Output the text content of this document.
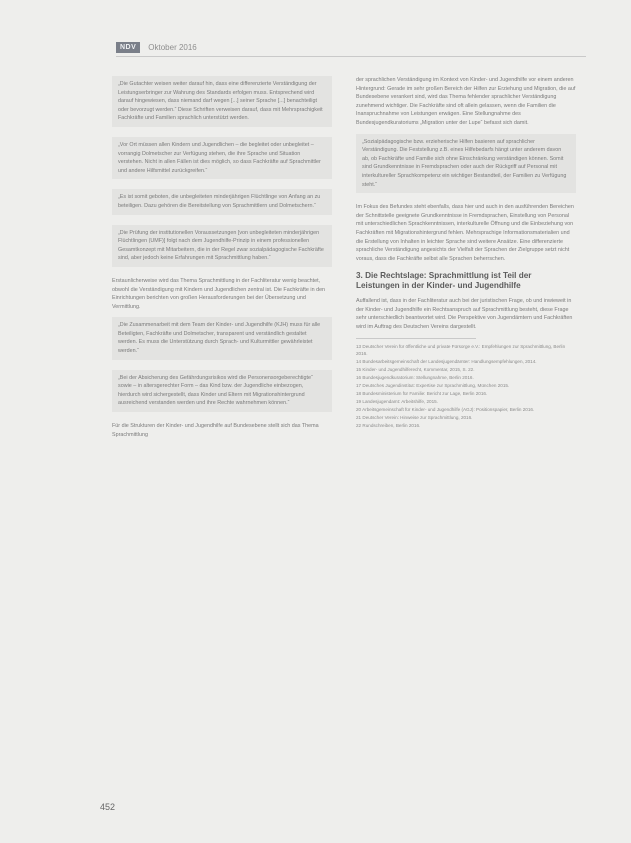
NDV	Oktober 2016
„Die Gutachter weisen weiter darauf hin, dass eine differenzierte Verständigung der Leistungserbringer zur Wahrung des Standards erfolgen muss. Entsprechend wird darauf hingewiesen, dass niemand darf wegen [...] seiner Sprache [...] benachteiligt oder bevorzugt werden.“ Diese Schriften verweisen darauf, dass mit Mehrsprachigkeit Fachkräfte und Familien sprachlich unterstützt werden.
„Vor Ort müssen allen Kindern und Jugendlichen – die begleitet oder unbegleitet – vorrangig Dolmetscher zur Verfügung stehen, die ihre Sprache und Situation verstehen. Nicht in allen Fällen ist dies möglich, so dass Fachkräfte auf Sprachmittler und andere Hilfsmittel zurückgreifen.“
„Es ist somit geboten, die unbegleiteten minderjährigen Flüchtlinge von Anfang an zu beteiligen. Dazu gehören die Bereitstellung von Sprachmittlern und Dolmetschern.“
„Die Prüfung der institutionellen Voraussetzungen [von unbegleiteten minderjährigen Flüchtlingen (UMF)] folgt nach dem Jugendhilfe-Prinzip in einem professionellen Gesamtkonzept mit Mitarbeitern, die in der Regel zwar sozialpädagogische Fachkräfte sind, aber jedoch keine Erfahrungen mit Sprachmittlung haben.“

Erstaunlicherweise wird das Thema Sprachmittlung in der Fachliteratur wenig beachtet, obwohl die Verständigung mit Kindern und Jugendlichen zentral ist. Die Fachkräfte in den Einrichtungen berichten von großen Herausforderungen bei der Übersetzung und Vermittlung.

„Die Zusammenarbeit mit dem Team der Kinder- und Jugendhilfe (KJH) muss für alle Beteiligten, Fachkräfte und Dolmetscher, transparent und verständlich gestaltet werden. Es muss die Unterstützung durch Sprach- und Kulturmittler gewährleistet werden.“
„Bei der Absicherung des Gefährdungsrisikos wird die Personensorgeberechtigte“ sowie – in altersgerechter Form – das Kind bzw. der Jugendliche einbezogen, hierdurch wird sichergestellt, dass Kinder und Eltern mit Migrationshintergrund ausreichend verstanden werden und ihre Rechte wahrnehmen können.“

Für die Strukturen der Kinder- und Jugendhilfe auf Bundesebene stellt sich das Thema Sprachmittlung

der sprachlichen Verständigung im Kontext von Kinder- und Jugendhilfe vor einem anderen Hintergrund: Gerade im sehr großen Bereich der Hilfen zur Erziehung und Migration, die auf Bundesebene verankert sind, wird das Thema fehlender sprachlicher Verständigung zunehmend wichtiger. Die Fachkräfte sind oft allein gelassen, wenn die Familien die Inanspruchnahme von Leistungen erwägen. Eine Stellungnahme des Bundesjugendkuratoriums „Migration unter der Lupe“ befasst sich damit.

„Sozialpädagogische bzw. erzieherische Hilfen basieren auf sprachlicher Verständigung. Die Feststellung z.B. eines Hilfebedarfs hängt unter anderem davon ab, ob Fachkräfte und Familie sich ohne Einschränkung verständigen können. Somit sind Grundkenntnisse in Fremdsprachen oder auch der Rückgriff auf Personal mit interkultureller Sprachkompetenz ein wichtiger Bestandteil, der Familien zu Verfügung steht.“

Im Fokus des Befundes steht ebenfalls, dass hier und auch in den ausführenden Bereichen der Schnittstelle geeignete Grundkenntnisse in Fremdsprachen, Einstellung von Personal mit unterschiedlichen Sprachkenntnissen, interkulturelle Öffnung und die Einbeziehung von Fachkräften mit Migrationshintergrund fehlen. Mehrsprachige Informationsmaterialien und die Erstellung von Inhalten in leichter Sprache sind weitere Ansätze. Eine differenzierte sprachliche Verständigung angesichts der Vielfalt der Sprachen der Zielgruppe setzt nicht voraus, dass die Fachkräfte selbst alle Sprachen beherrschen.

3. Die Rechtslage: Sprachmittlung ist Teil der Leistungen in der Kinder- und Jugendhilfe

Auffallend ist, dass in der Fachliteratur auch bei der juristischen Frage, ob und inwieweit in der Kinder- und Jugendhilfe ein Rechtsanspruch auf Sprachmittlung besteht, diese Frage sehr unterschiedlich beantwortet wird. Die Perspektive von Jugendämtern und Fachkräften wird im Auftrag des Deutschen Vereins dargestellt.

13 Deutscher Verein für öffentliche und private Fürsorge e.V.: Empfehlungen zur Sprachmittlung, Berlin 2016.
14 Bundesarbeitsgemeinschaft der Landesjugendämter: Handlungsempfehlungen, 2014.
15 Kinder- und Jugendhilferecht, Kommentar, 2015, S. 22.
16 Bundesjugendkuratorium: Stellungnahme, Berlin 2016.
17 Deutsches Jugendinstitut: Expertise zur Sprachmittlung, München 2015.
18 Bundesministerium für Familie: Bericht zur Lage, Berlin 2016.
19 Landesjugendamt: Arbeitshilfe, 2015.
20 Arbeitsgemeinschaft für Kinder- und Jugendhilfe (AGJ): Positionspapier, Berlin 2016.
21 Deutscher Verein: Hinweise zur Sprachmittlung, 2016.
22 Rundschreiben, Berlin 2016.
452
